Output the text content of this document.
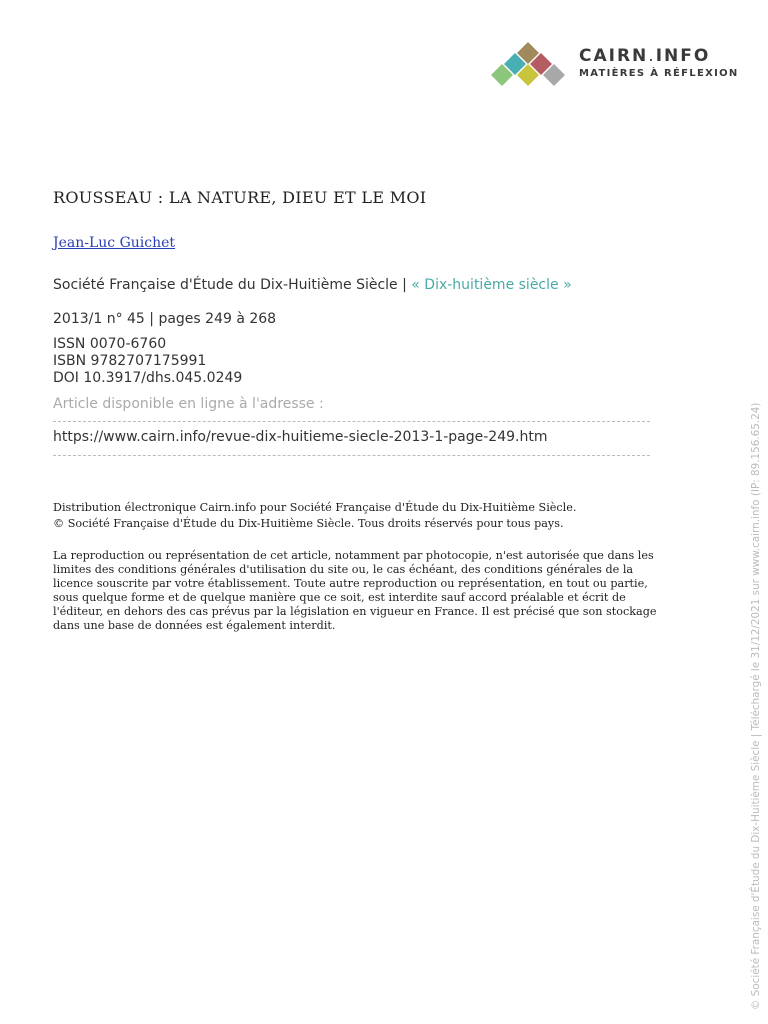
CAIRN.INFO
MATIÈRES À RÉFLEXION
ROUSSEAU : LA NATURE, DIEU ET LE MOI
Jean-Luc Guichet
Société Française d'Étude du Dix-Huitième Siècle | « Dix-huitième siècle »
2013/1 n° 45 | pages 249 à 268
ISSN 0070-6760
ISBN 9782707175991
DOI 10.3917/dhs.045.0249
Article disponible en ligne à l'adresse :
https://www.cairn.info/revue-dix-huitieme-siecle-2013-1-page-249.htm
Distribution électronique Cairn.info pour Société Française d'Étude du Dix-Huitième Siècle.
© Société Française d'Étude du Dix-Huitième Siècle. Tous droits réservés pour tous pays.
La reproduction ou représentation de cet article, notamment par photocopie, n'est autorisée que dans les
limites des conditions générales d'utilisation du site ou, le cas échéant, des conditions générales de la
licence souscrite par votre établissement. Toute autre reproduction ou représentation, en tout ou partie,
sous quelque forme et de quelque manière que ce soit, est interdite sauf accord préalable et écrit de
l'éditeur, en dehors des cas prévus par la législation en vigueur en France. Il est précisé que son stockage
dans une base de données est également interdit.	© Société Française d'Étude du Dix-Huitième Siècle | Téléchargé le 31/12/2021 sur www.cairn.info (IP: 89.156.65.24)
